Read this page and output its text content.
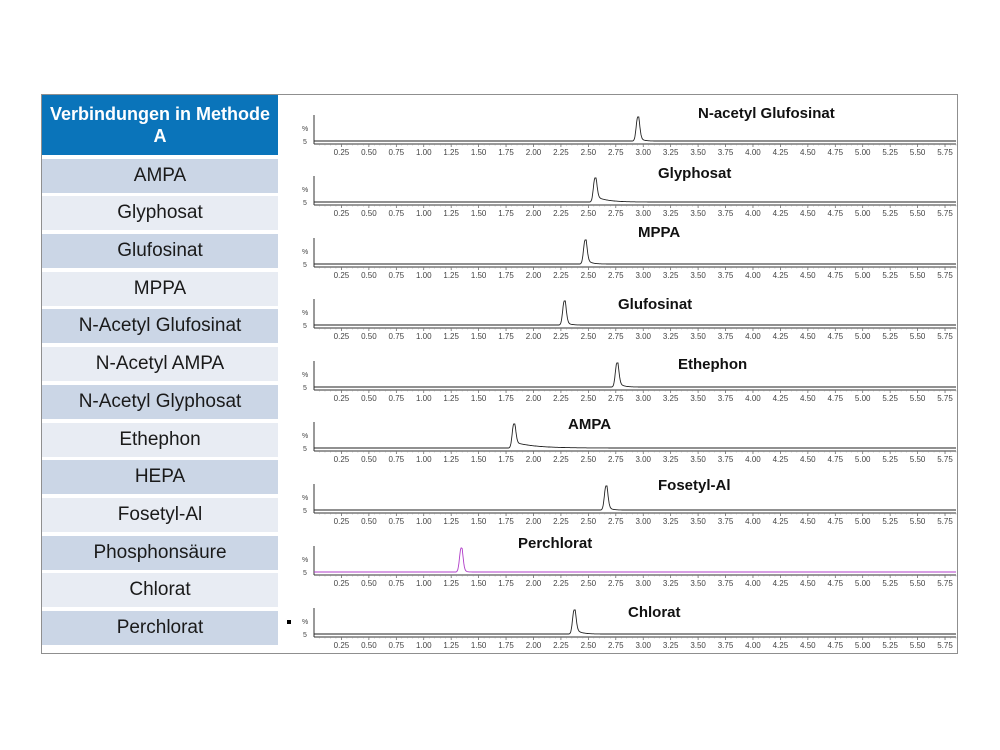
Verbindungen in Methode A
AMPA
Glyphosat
Glufosinat
MPPA
N-Acetyl Glufosinat
N-Acetyl AMPA
N-Acetyl Glyphosat
Ethephon
HEPA
Fosetyl-Al
Phosphonsäure
Chlorat
Perchlorat
0.25 0.50 0.75 1.00 1.25 1.50 1.75 2.00 2.25 2.50 2.75 3.00 3.25 3.50 3.75 4.00 4.25 4.50 4.75 5.00 5.25 5.50 5.75
%
5
N-acetyl Glufosinat
0.25 0.50 0.75 1.00 1.25 1.50 1.75 2.00 2.25 2.50 2.75 3.00 3.25 3.50 3.75 4.00 4.25 4.50 4.75 5.00 5.25 5.50 5.75
%
5
Glyphosat
0.25 0.50 0.75 1.00 1.25 1.50 1.75 2.00 2.25 2.50 2.75 3.00 3.25 3.50 3.75 4.00 4.25 4.50 4.75 5.00 5.25 5.50 5.75
%
5
MPPA
0.25 0.50 0.75 1.00 1.25 1.50 1.75 2.00 2.25 2.50 2.75 3.00 3.25 3.50 3.75 4.00 4.25 4.50 4.75 5.00 5.25 5.50 5.75
%
5
Glufosinat
0.25 0.50 0.75 1.00 1.25 1.50 1.75 2.00 2.25 2.50 2.75 3.00 3.25 3.50 3.75 4.00 4.25 4.50 4.75 5.00 5.25 5.50 5.75
%
5
Ethephon
0.25 0.50 0.75 1.00 1.25 1.50 1.75 2.00 2.25 2.50 2.75 3.00 3.25 3.50 3.75 4.00 4.25 4.50 4.75 5.00 5.25 5.50 5.75
%
5
AMPA
0.25 0.50 0.75 1.00 1.25 1.50 1.75 2.00 2.25 2.50 2.75 3.00 3.25 3.50 3.75 4.00 4.25 4.50 4.75 5.00 5.25 5.50 5.75
%
5
Fosetyl-Al
0.25 0.50 0.75 1.00 1.25 1.50 1.75 2.00 2.25 2.50 2.75 3.00 3.25 3.50 3.75 4.00 4.25 4.50 4.75 5.00 5.25 5.50 5.75
%
5
Perchlorat
0.25 0.50 0.75 1.00 1.25 1.50 1.75 2.00 2.25 2.50 2.75 3.00 3.25 3.50 3.75 4.00 4.25 4.50 4.75 5.00 5.25 5.50 5.75
%
5
Chlorat
